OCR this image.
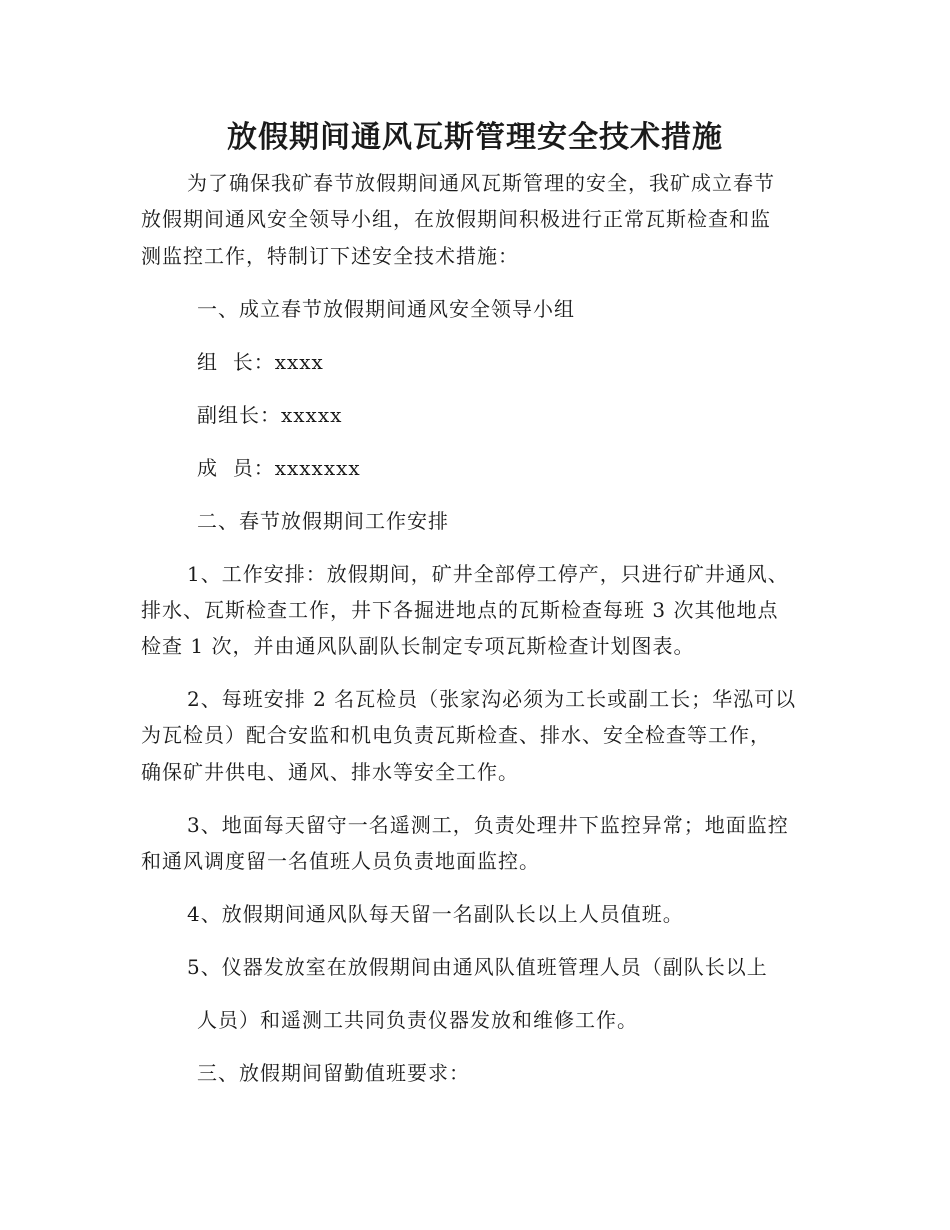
放假期间通风瓦斯管理安全技术措施
为了确保我矿春节放假期间通风瓦斯管理的安全，我矿成立春节
放假期间通风安全领导小组，在放假期间积极进行正常瓦斯检查和监
测监控工作，特制订下述安全技术措施：
一、成立春节放假期间通风安全领导小组
组  长：xxxx
副组长：xxxxx
成  员：xxxxxxx
二、春节放假期间工作安排
1、工作安排：放假期间，矿井全部停工停产，只进行矿井通风、
排水、瓦斯检查工作，井下各掘进地点的瓦斯检查每班 3 次其他地点
检查 1 次，并由通风队副队长制定专项瓦斯检查计划图表。
2、每班安排 2 名瓦检员（张家沟必须为工长或副工长；华泓可以
为瓦检员）配合安监和机电负责瓦斯检查、排水、安全检查等工作，
确保矿井供电、通风、排水等安全工作。
3、地面每天留守一名遥测工，负责处理井下监控异常；地面监控
和通风调度留一名值班人员负责地面监控。
4、放假期间通风队每天留一名副队长以上人员值班。
5、仪器发放室在放假期间由通风队值班管理人员（副队长以上
人员）和遥测工共同负责仪器发放和维修工作。
三、放假期间留勤值班要求：
